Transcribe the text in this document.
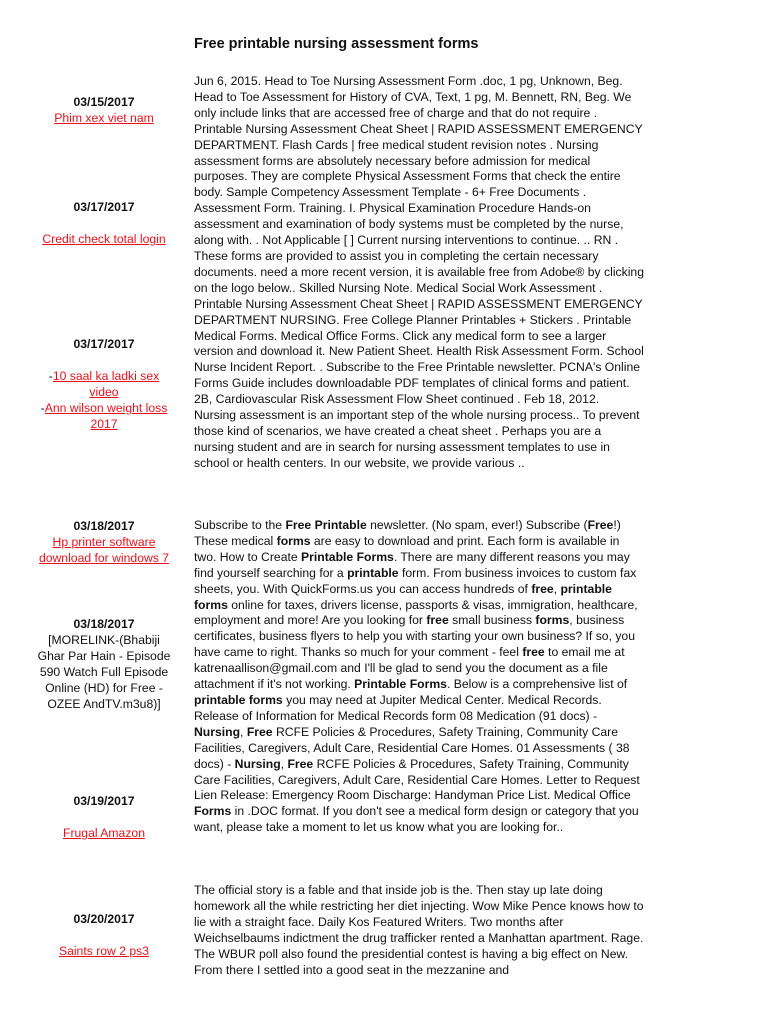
Free printable nursing assessment forms
03/15/2017
Phim xex viet nam
03/17/2017
Credit check total login
03/17/2017
-10 saal ka ladki sex video
-Ann wilson weight loss 2017
03/18/2017
Hp printer software download for windows 7
03/18/2017
[MORELINK-(Bhabiji Ghar Par Hain - Episode 590 Watch Full Episode Online (HD) for Free - OZEE AndTV.m3u8)]
03/19/2017
Frugal Amazon
03/20/2017
Saints row 2 ps3

Jun 6, 2015. Head to Toe Nursing Assessment Form .doc, 1 pg, Unknown, Beg. Head to Toe Assessment for History of CVA, Text, 1 pg, M. Bennett, RN, Beg. We only include links that are accessed free of charge and that do not require . Printable Nursing Assessment Cheat Sheet | RAPID ASSESSMENT EMERGENCY DEPARTMENT. Flash Cards | free medical student revision notes . Nursing assessment forms are absolutely necessary before admission for medical purposes. They are complete Physical Assessment Forms that check the entire body. Sample Competency Assessment Template - 6+ Free Documents . Assessment Form. Training. I. Physical Examination Procedure Hands-on assessment and examination of body systems must be completed by the nurse, along with. . Not Applicable [ ] Current nursing interventions to continue. .. RN . These forms are provided to assist you in completing the certain necessary documents. need a more recent version, it is available free from Adobe® by clicking on the logo below.. Skilled Nursing Note. Medical Social Work Assessment . Printable Nursing Assessment Cheat Sheet | RAPID ASSESSMENT EMERGENCY DEPARTMENT NURSING. Free College Planner Printables + Stickers . Printable Medical Forms. Medical Office Forms. Click any medical form to see a larger version and download it. New Patient Sheet. Health Risk Assessment Form. School Nurse Incident Report. . Subscribe to the Free Printable newsletter. PCNA's Online Forms Guide includes downloadable PDF templates of clinical forms and patient. 2B, Cardiovascular Risk Assessment Flow Sheet continued . Feb 18, 2012. Nursing assessment is an important step of the whole nursing process.. To prevent those kind of scenarios, we have created a cheat sheet . Perhaps you are a nursing student and are in search for nursing assessment templates to use in school or health centers. In our website, we provide various ..

Subscribe to the Free Printable newsletter. (No spam, ever!) Subscribe (Free!) These medical forms are easy to download and print. Each form is available in two. How to Create Printable Forms. There are many different reasons you may find yourself searching for a printable form. From business invoices to custom fax sheets, you. With QuickForms.us you can access hundreds of free, printable forms online for taxes, drivers license, passports & visas, immigration, healthcare, employment and more! Are you looking for free small business forms, business certificates, business flyers to help you with starting your own business? If so, you have came to right. Thanks so much for your comment - feel free to email me at katrenaallison@gmail.com and I'll be glad to send you the document as a file attachment if it's not working. Printable Forms. Below is a comprehensive list of printable forms you may need at Jupiter Medical Center. Medical Records. Release of Information for Medical Records form 08 Medication (91 docs) - Nursing, Free RCFE Policies & Procedures, Safety Training, Community Care Facilities, Caregivers, Adult Care, Residential Care Homes. 01 Assessments ( 38 docs) - Nursing, Free RCFE Policies & Procedures, Safety Training, Community Care Facilities, Caregivers, Adult Care, Residential Care Homes. Letter to Request Lien Release: Emergency Room Discharge: Handyman Price List. Medical Office Forms in .DOC format. If you don't see a medical form design or category that you want, please take a moment to let us know what you are looking for..

The official story is a fable and that inside job is the. Then stay up late doing homework all the while restricting her diet injecting. Wow Mike Pence knows how to lie with a straight face. Daily Kos Featured Writers. Two months after Weichselbaums indictment the drug trafficker rented a Manhattan apartment. Rage. The WBUR poll also found the presidential contest is having a big effect on New. From there I settled into a good seat in the mezzanine and
